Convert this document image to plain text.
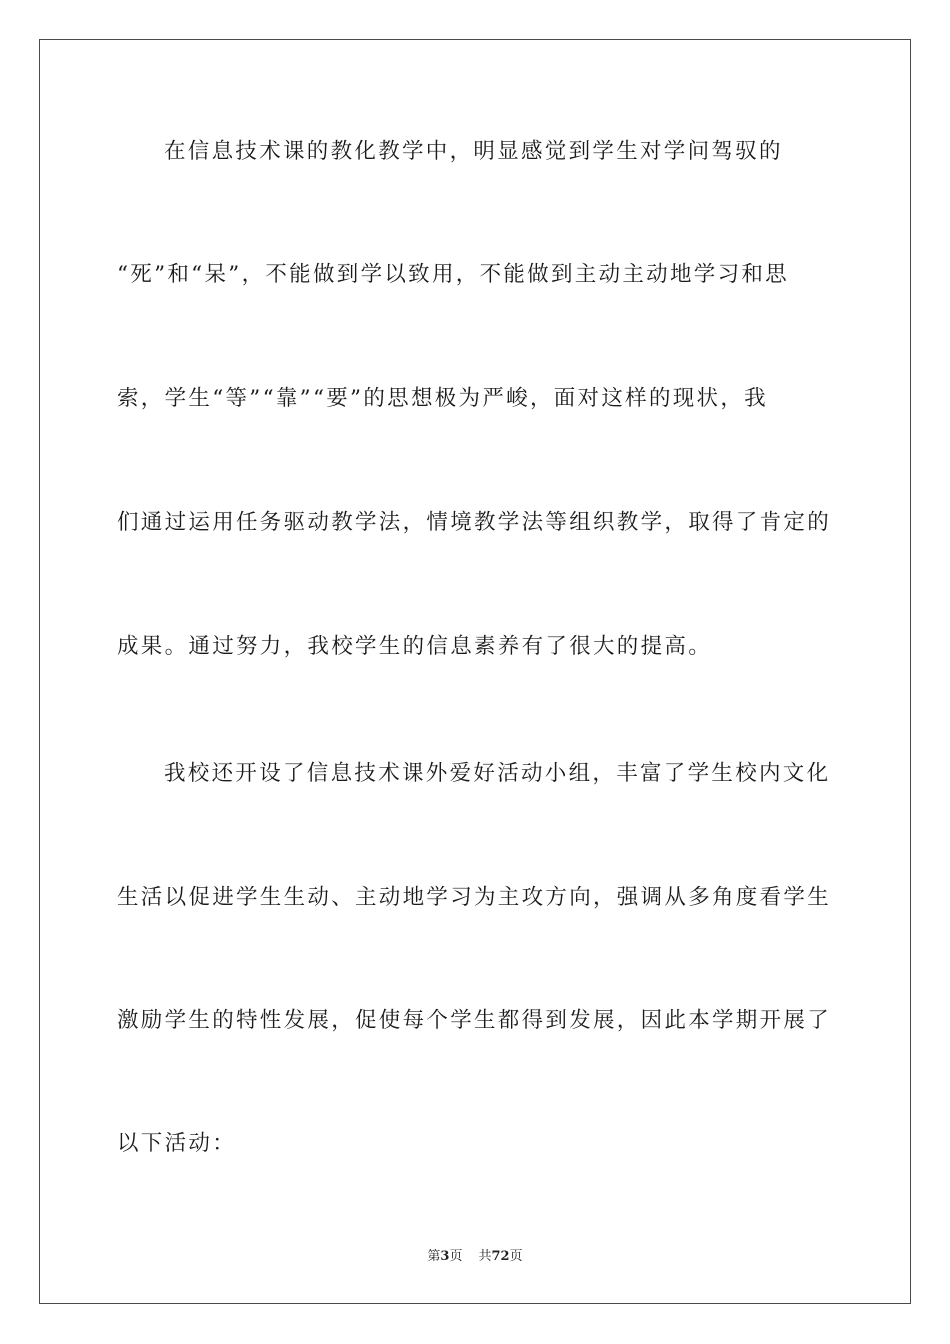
在信息技术课的教化教学中，明显感觉到学生对学问驾驭的
“死”和“呆”，不能做到学以致用，不能做到主动主动地学习和思
索，学生“等”“靠”“要”的思想极为严峻，面对这样的现状，我
们通过运用任务驱动教学法，情境教学法等组织教学，取得了肯定的
成果。通过努力，我校学生的信息素养有了很大的提高。
我校还开设了信息技术课外爱好活动小组，丰富了学生校内文化
生活以促进学生生动、主动地学习为主攻方向，强调从多角度看学生
激励学生的特性发展，促使每个学生都得到发展，因此本学期开展了
以下活动：
第3页 共72页
